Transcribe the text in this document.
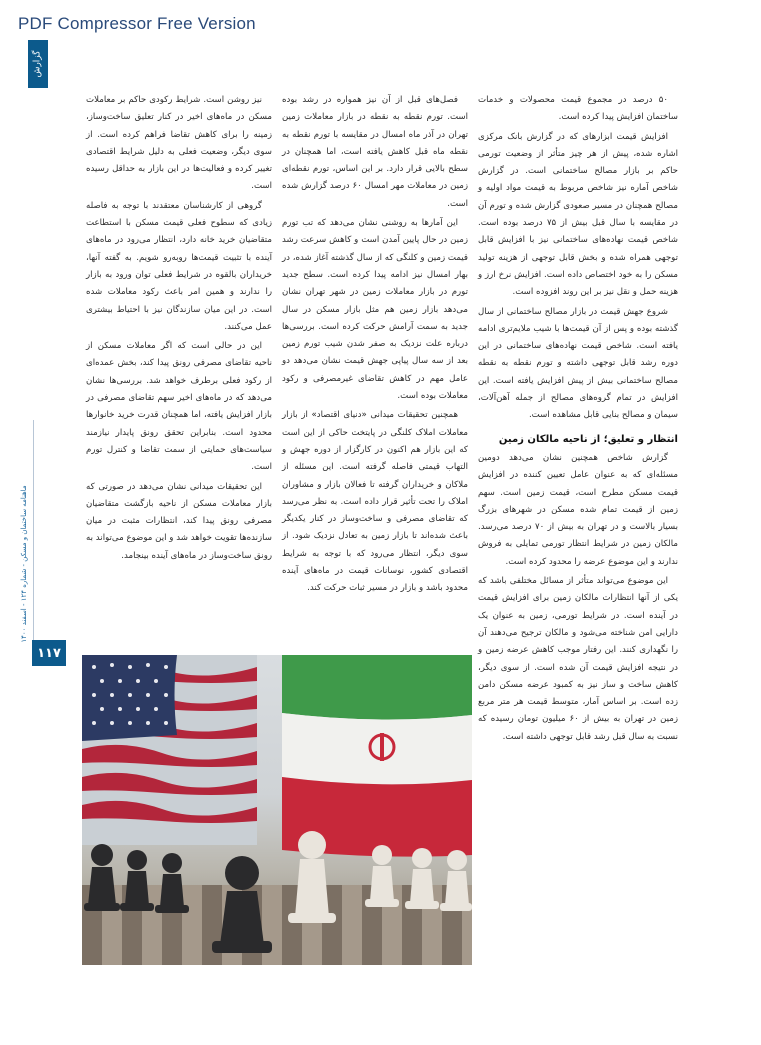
PDF Compressor Free Version
گزارش
ماهنامه ساختمان و مسکن - شماره ۱۲۴ - اسفند ۱۴۰۰
۱۱۷

۵۰ درصد در مجموع قیمت محصولات و خدمات ساختمان افزایش پیدا کرده است.

افزایش قیمت ابزارهای که در گزارش بانک مرکزی اشاره شده، پیش از هر چیز متأثر از وضعیت تورمی حاکم بر بازار مصالح ساختمانی است. در گزارش شاخص آماره نیز شاخص مربوط به قیمت مواد اولیه و مصالح همچنان در مسیر صعودی گزارش شده و تورم آن در مقایسه با سال قبل بیش از ۷۵ درصد بوده است. شاخص قیمت نهاده‌های ساختمانی نیز با افزایش قابل توجهی همراه شده و بخش قابل توجهی از هزینه تولید مسکن را به خود اختصاص داده است. افزایش نرخ ارز و هزینه حمل و نقل نیز بر این روند افزوده است.

شروع جهش قیمت در بازار مصالح ساختمانی از سال گذشته بوده و پس از آن قیمت‌ها با شیب ملایم‌تری ادامه یافته است. شاخص قیمت نهاده‌های ساختمانی در این دوره رشد قابل توجهی داشته و تورم نقطه به نقطه مصالح ساختمانی بیش از پیش افزایش یافته است. این افزایش در تمام گروه‌های مصالح از جمله آهن‌آلات، سیمان و مصالح بنایی قابل مشاهده است.

انتظار و تعلیق؛ از ناحیه مالکان زمین

گزارش شاخص همچنین نشان می‌دهد دومین مسئله‌ای که به عنوان عامل تعیین کننده در افزایش قیمت مسکن مطرح است، قیمت زمین است. سهم زمین از قیمت تمام شده مسکن در شهرهای بزرگ بسیار بالاست و در تهران به بیش از ۷۰ درصد می‌رسد. مالکان زمین در شرایط انتظار تورمی تمایلی به فروش ندارند و این موضوع عرضه را محدود کرده است.

این موضوع می‌تواند متأثر از مسائل مختلفی باشد که یکی از آنها انتظارات مالکان زمین برای افزایش قیمت در آینده است. در شرایط تورمی، زمین به عنوان یک دارایی امن شناخته می‌شود و مالکان ترجیح می‌دهند آن را نگهداری کنند. این رفتار موجب کاهش عرضه زمین و در نتیجه افزایش قیمت آن شده است. از سوی دیگر، کاهش ساخت و ساز نیز به کمبود عرضه مسکن دامن زده است. بر اساس آمار، متوسط قیمت هر متر مربع زمین در تهران به بیش از ۶۰ میلیون تومان رسیده که نسبت به سال قبل رشد قابل توجهی داشته است.

فصل‌های قبل از آن نیز همواره در رشد بوده است. تورم نقطه به نقطه در بازار معاملات زمین تهران در آذر ماه امسال در مقایسه با تورم نقطه به نقطه ماه قبل کاهش یافته است، اما همچنان در سطح بالایی قرار دارد. بر این اساس، تورم نقطه‌ای زمین در معاملات مهر امسال ۶۰ درصد گزارش شده است.

این آمارها به روشنی نشان می‌دهد که تب تورم زمین در حال پایین آمدن است و کاهش سرعت رشد قیمت زمین و کلنگی که از سال گذشته آغاز شده، در بهار امسال نیز ادامه پیدا کرده است. سطح جدید تورم در بازار معاملات زمین در شهر تهران نشان می‌دهد بازار زمین هم مثل بازار مسکن در سال جدید به سمت آرامش حرکت کرده است. بررسی‌ها درباره علت نزدیک به صفر شدن شیب تورم زمین بعد از سه سال پیاپی جهش قیمت نشان می‌دهد دو عامل مهم در کاهش تقاضای غیرمصرفی و رکود معاملات بوده است.

همچنین تحقیقات میدانی «دنیای اقتصاد» از بازار معاملات املاک کلنگی در پایتخت حاکی از این است که این بازار هم اکنون در کارگزار از دوره جهش و التهاب قیمتی فاصله گرفته است. این مسئله از ملاکان و خریداران گرفته تا فعالان بازار و مشاوران املاک را تحت تأثیر قرار داده است. به نظر می‌رسد که تقاضای مصرفی و ساخت‌وساز در کنار یکدیگر باعث شده‌اند تا بازار زمین به تعادل نزدیک شود. از سوی دیگر، انتظار می‌رود که با توجه به شرایط اقتصادی کشور، نوسانات قیمت در ماه‌های آینده محدود باشد و بازار در مسیر ثبات حرکت کند.

نیز روشن است. شرایط رکودی حاکم بر معاملات مسکن در ماه‌های اخیر در کنار تعلیق ساخت‌وساز، زمینه را برای کاهش تقاضا فراهم کرده است. از سوی دیگر، وضعیت فعلی به دلیل شرایط اقتصادی تغییر کرده و فعالیت‌ها در این بازار به حداقل رسیده است.

گروهی از کارشناسان معتقدند با توجه به فاصله زیادی که سطوح فعلی قیمت مسکن با استطاعت متقاضیان خرید خانه دارد، انتظار می‌رود در ماه‌های آینده با تثبیت قیمت‌ها روبه‌رو شویم. به گفته آنها، خریداران بالقوه در شرایط فعلی توان ورود به بازار را ندارند و همین امر باعث رکود معاملات شده است. در این میان سازندگان نیز با احتیاط بیشتری عمل می‌کنند.

این در حالی است که اگر معاملات مسکن از ناحیه تقاضای مصرفی رونق پیدا کند، بخش عمده‌ای از رکود فعلی برطرف خواهد شد. بررسی‌ها نشان می‌دهد که در ماه‌های اخیر سهم تقاضای مصرفی در بازار افزایش یافته، اما همچنان قدرت خرید خانوارها محدود است. بنابراین تحقق رونق پایدار نیازمند سیاست‌های حمایتی از سمت تقاضا و کنترل تورم است.

این تحقیقات میدانی نشان می‌دهد در صورتی که بازار معاملات مسکن از ناحیه بازگشت متقاضیان مصرفی رونق پیدا کند، انتظارات مثبت در میان سازنده‌ها تقویت خواهد شد و این موضوع می‌تواند به رونق ساخت‌وساز در ماه‌های آینده بینجامد.
